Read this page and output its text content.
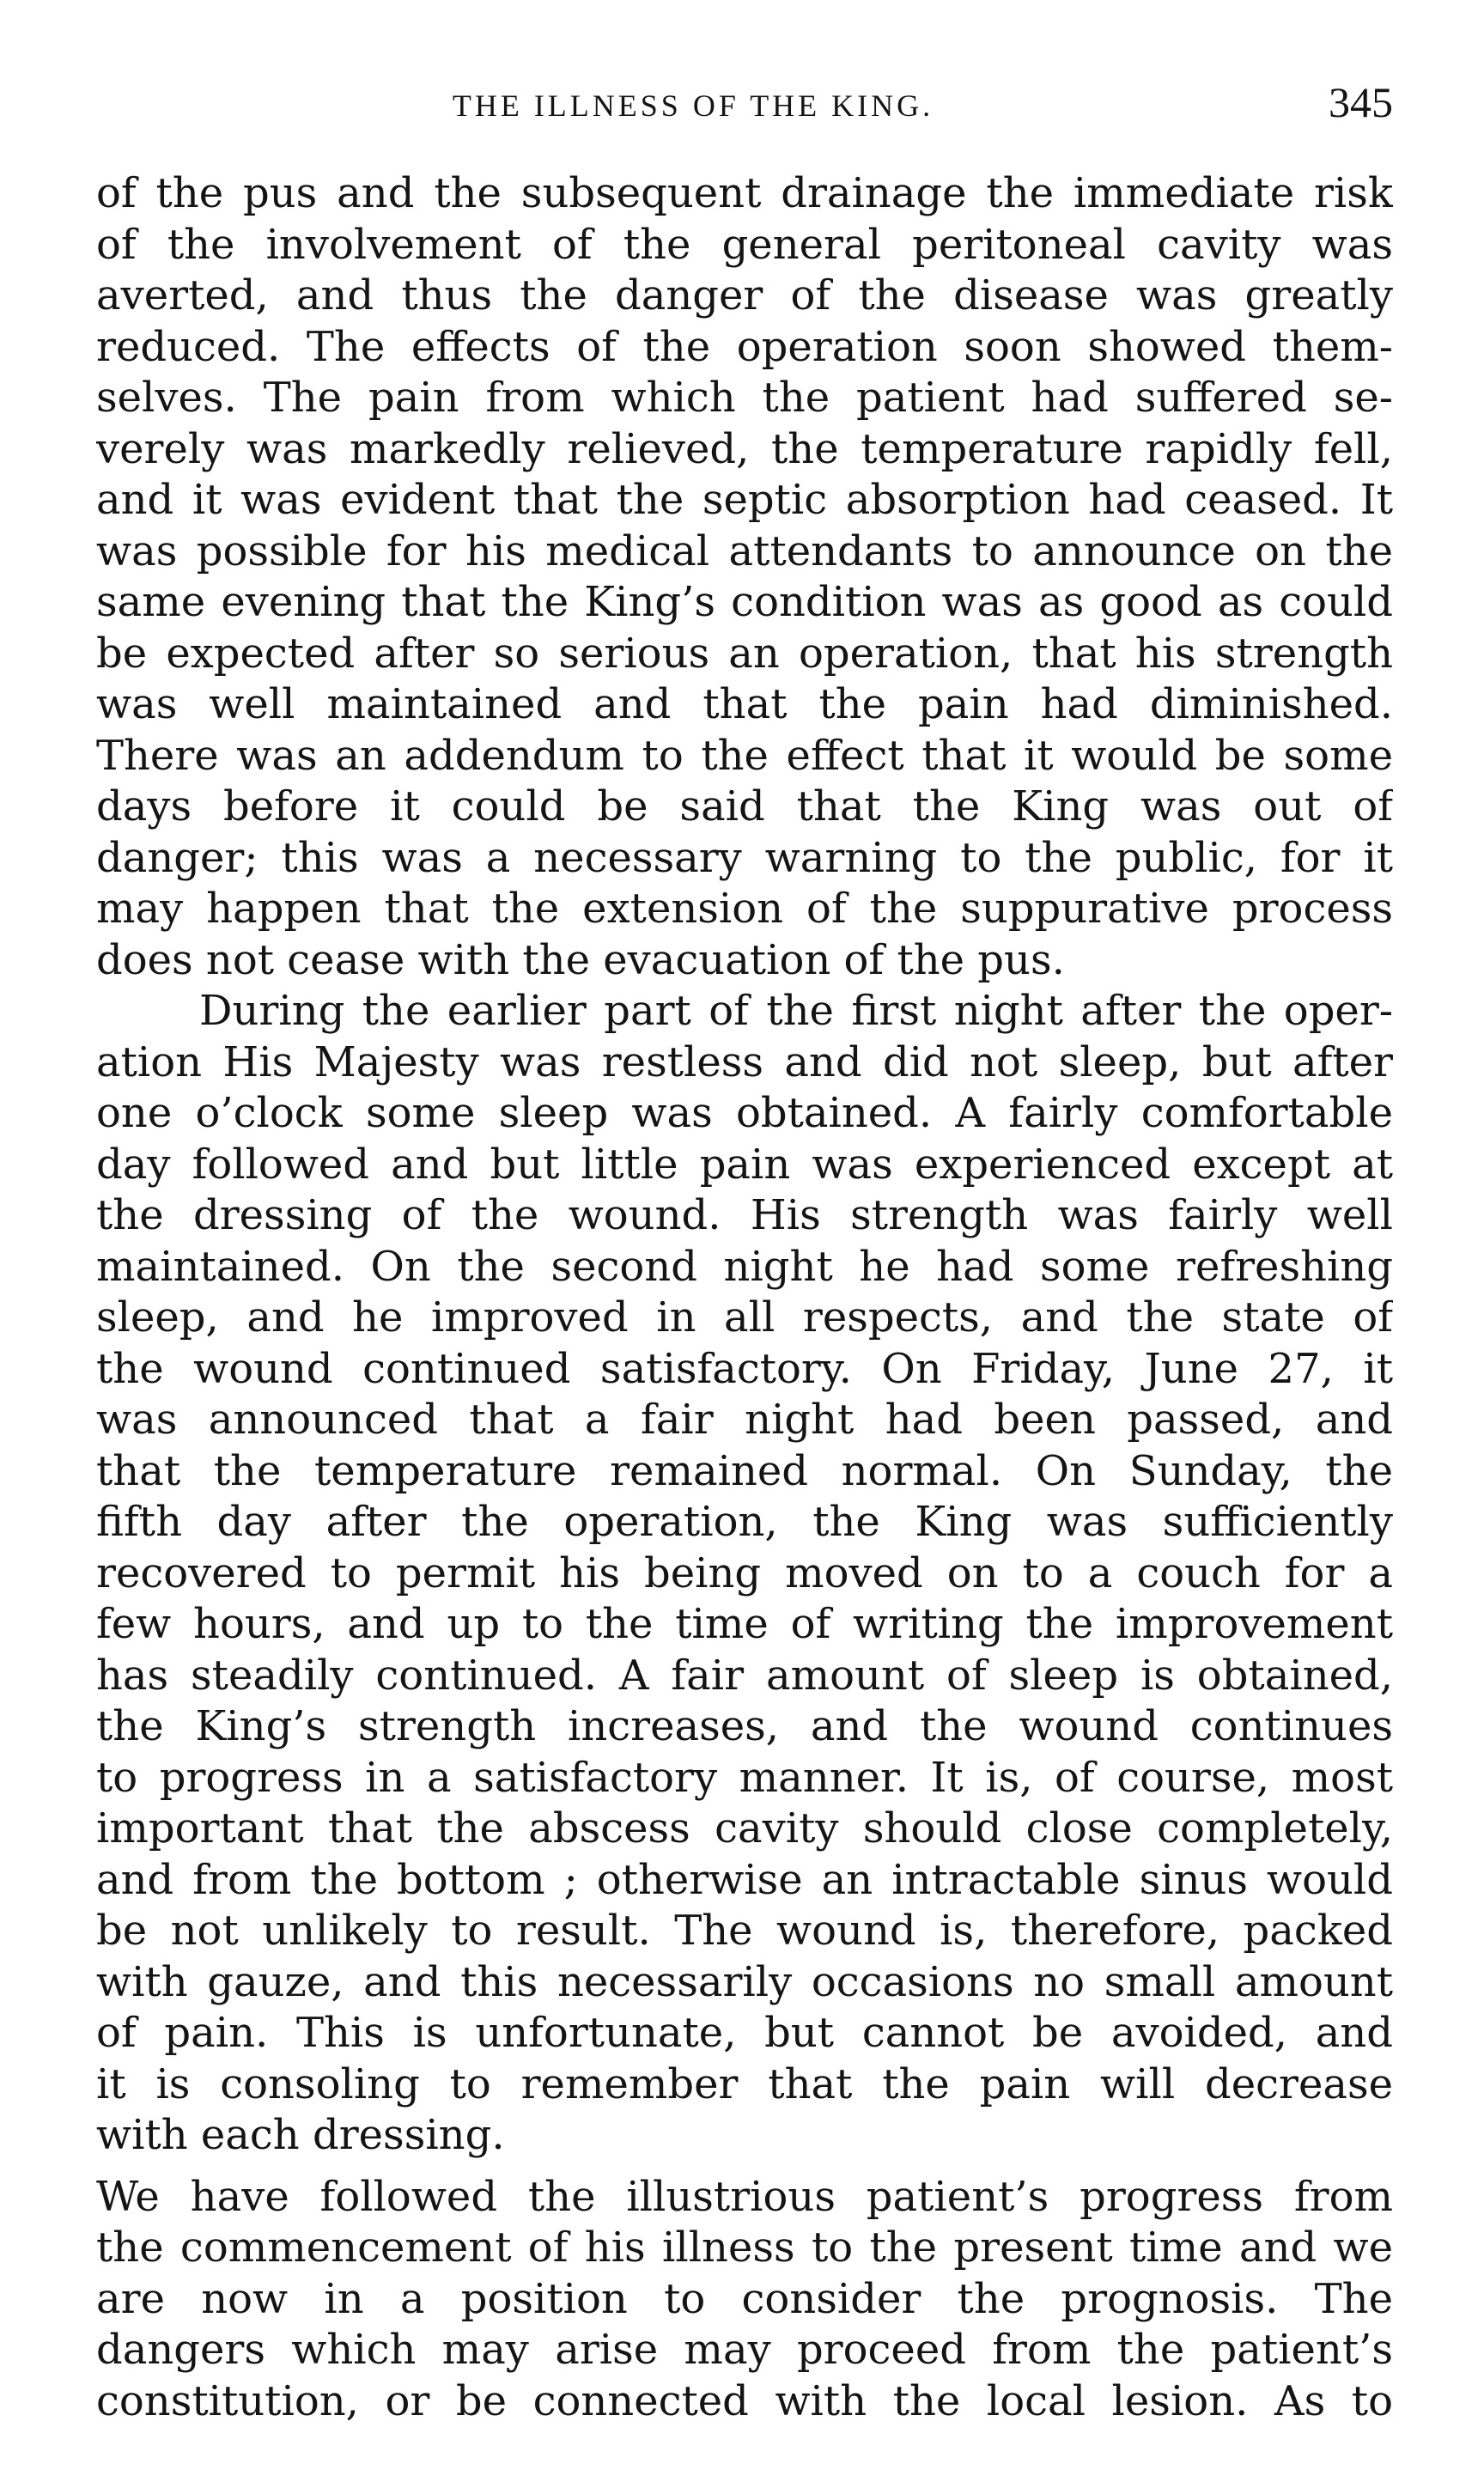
THE ILLNESS OF THE KING.	345
of the pus and the subsequent drainage the immediate risk
of the involvement of the general peritoneal cavity was
averted, and thus the danger of the disease was greatly
reduced. The effects of the operation soon showed them-
selves. The pain from which the patient had suffered se-
verely was markedly relieved, the temperature rapidly fell,
and it was evident that the septic absorption had ceased. It
was possible for his medical attendants to announce on the
same evening that the King’s condition was as good as could
be expected after so serious an operation, that his strength
was well maintained and that the pain had diminished.
There was an addendum to the effect that it would be some
days before it could be said that the King was out of
danger; this was a necessary warning to the public, for it
may happen that the extension of the suppurative process
does not cease with the evacuation of the pus.
During the earlier part of the first night after the oper-
ation His Majesty was restless and did not sleep, but after
one o’clock some sleep was obtained. A fairly comfortable
day followed and but little pain was experienced except at
the dressing of the wound. His strength was fairly well
maintained. On the second night he had some refreshing
sleep, and he improved in all respects, and the state of
the wound continued satisfactory. On Friday, June 27, it
was announced that a fair night had been passed, and
that the temperature remained normal. On Sunday, the
fifth day after the operation, the King was sufficiently
recovered to permit his being moved on to a couch for a
few hours, and up to the time of writing the improvement
has steadily continued. A fair amount of sleep is obtained,
the King’s strength increases, and the wound continues
to progress in a satisfactory manner. It is, of course, most
important that the abscess cavity should close completely,
and from the bottom ; otherwise an intractable sinus would
be not unlikely to result. The wound is, therefore, packed
with gauze, and this necessarily occasions no small amount
of pain. This is unfortunate, but cannot be avoided, and
it is consoling to remember that the pain will decrease
with each dressing.
We have followed the illustrious patient’s progress from
the commencement of his illness to the present time and we
are now in a position to consider the prognosis. The
dangers which may arise may proceed from the patient’s
constitution, or be connected with the local lesion. As to
